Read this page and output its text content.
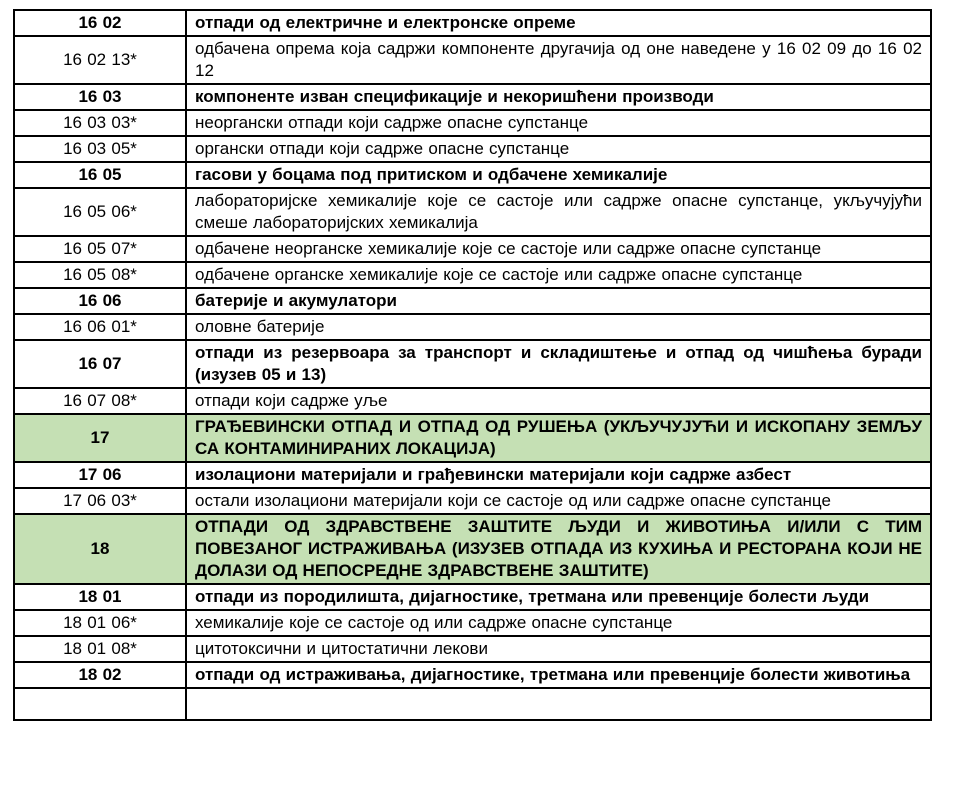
16 02	отпади од електричне и електронске опреме
16 02 13*	одбачена опрема која садржи компоненте другачија од оне наведене у 16 02 09 до 16 02 12
16 03	компоненте изван спецификације и некоришћени производи
16 03 03*	неоргански отпади који садрже опасне супстанце
16 03 05*	органски отпади који садрже опасне супстанце
16 05	гасови у боцама под притиском и одбачене хемикалије
16 05 06*	лабораторијске хемикалије које се састоје или садрже опасне супстанце, укључујући смеше лабораторијских хемикалија
16 05 07*	одбачене неорганске хемикалије које се састоје или садрже опасне супстанце
16 05 08*	одбачене органске хемикалије које се састоје или садрже опасне супстанце
16 06	батерије и акумулатори
16 06 01*	оловне батерије
16 07	отпади из резервоара за транспорт и складиштење и отпад од чишћења буради (изузев 05 и 13)
16 07 08*	отпади који садрже уље
17	ГРАЂЕВИНСКИ ОТПАД И ОТПАД ОД РУШЕЊА (УКЉУЧУЈУЋИ И ИСКОПАНУ ЗЕМЉУ СА КОНТАМИНИРАНИХ ЛОКАЦИЈА)
17 06	изолациони материјали и грађевински материјали који садрже азбест
17 06 03*	остали изолациони материјали који се састоје од или садрже опасне супстанце
18	ОТПАДИ ОД ЗДРАВСТВЕНЕ ЗАШТИТЕ ЉУДИ И ЖИВОТИЊА И/ИЛИ С ТИМ ПОВЕЗАНОГ ИСТРАЖИВАЊА (ИЗУЗЕВ ОТПАДА ИЗ КУХИЊА И РЕСТОРАНА КОЈИ НЕ ДОЛАЗИ ОД НЕПОСРЕДНЕ ЗДРАВСТВЕНЕ ЗАШТИТЕ)
18 01	отпади из породилишта, дијагностике, третмана или превенције болести људи
18 01 06*	хемикалије које се састоје од или садрже опасне супстанце
18 01 08*	цитотоксични и цитостатични лекови
18 02	отпади од истраживања, дијагностике, третмана или превенције болести животиња
